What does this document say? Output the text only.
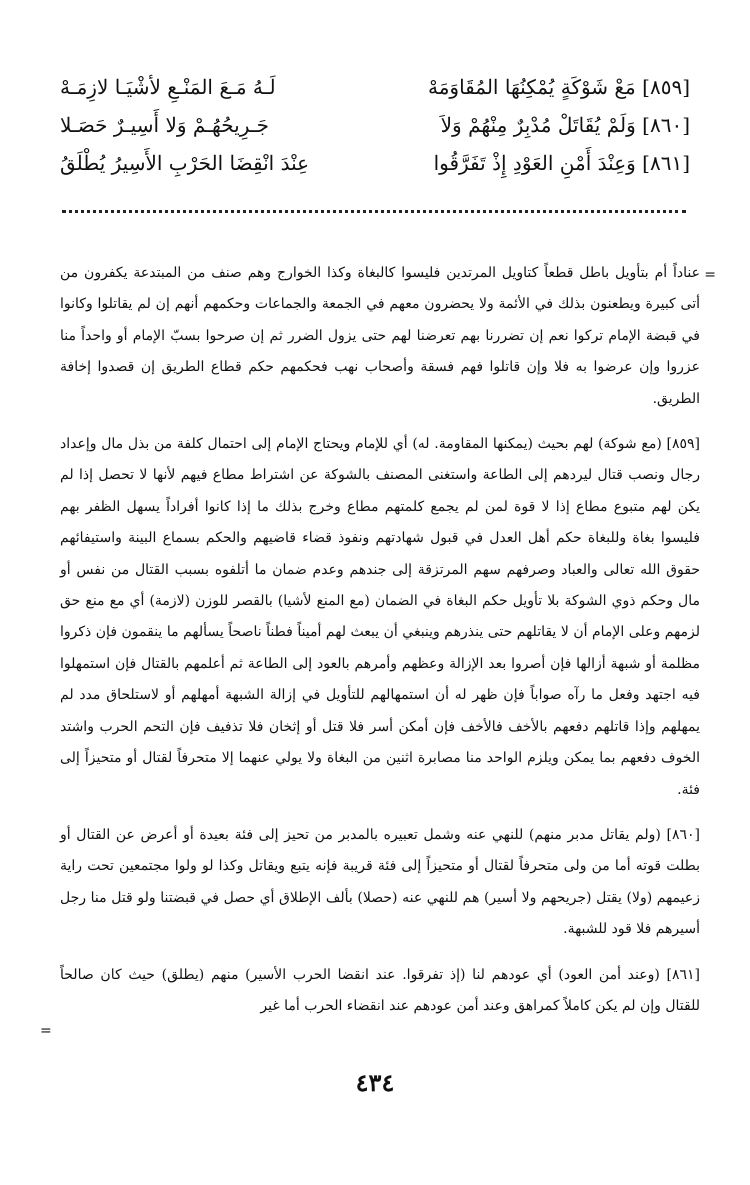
[٨٥٩] مَعْ شَوْكَةٍ يُمْكِنُهَا المُقَاوَمَهْ
لَـهُ مَـعَ المَنْـعِ لأشْيَـا لازِمَـهْ
[٨٦٠] وَلَمْ يُقَاتَلْ مُدْبِرٌ مِنْهُمْ وَلاَ
جَـرِيحُهُـمْ وَلا أَسِيـرٌ حَصَـلا
[٨٦١] وَعِنْدَ أَمْنِ العَوْدِ إِذْ تَفَرَّقُوا
عِنْدَ انْقِضَا الحَرْبِ الأَسِيرُ يُطْلَقُ
=

عناداً أم بتأويل باطل قطعاً كتاويل المرتدين فليسوا كالبغاة وكذا الخوارج وهم صنف من المبتدعة يكفرون من أتى كبيرة ويطعنون بذلك في الأئمة ولا يحضرون معهم في الجمعة والجماعات وحكمهم أنهم إن لم يقاتلوا وكانوا في قبضة الإمام تركوا نعم إن تضررنا بهم تعرضنا لهم حتى يزول الضرر ثم إن صرحوا بسبّ الإمام أو واحداً منا عزروا وإن عرضوا به فلا وإن قاتلوا فهم فسقة وأصحاب نهب فحكمهم حكم قطاع الطريق إن قصدوا إخافة الطريق.

[٨٥٩] (مع شوكة) لهم بحيث (يمكنها المقاومة. له) أي للإمام ويحتاج الإمام إلى احتمال كلفة من بذل مال وإعداد رجال ونصب قتال ليردهم إلى الطاعة واستغنى المصنف بالشوكة عن اشتراط مطاع فيهم لأنها لا تحصل إذا لم يكن لهم متبوع مطاع إذا لا قوة لمن لم يجمع كلمتهم مطاع وخرج بذلك ما إذا كانوا أفراداً يسهل الظفر بهم فليسوا بغاة وللبغاة حكم أهل العدل في قبول شهادتهم ونفوذ قضاء قاضيهم والحكم بسماع البينة واستيفائهم حقوق الله تعالى والعباد وصرفهم سهم المرتزقة إلى جندهم وعدم ضمان ما أتلفوه بسبب القتال من نفس أو مال وحكم ذوي الشوكة بلا تأويل حكم البغاة في الضمان (مع المنع لأشيا) بالقصر للوزن (لازمة) أي مع منع حق لزمهم وعلى الإمام أن لا يقاتلهم حتى ينذرهم وينبغي أن يبعث لهم أميناً فطناً ناصحاً يسألهم ما ينقمون فإن ذكروا مظلمة أو شبهة أزالها فإن أصروا بعد الإزالة وعظهم وأمرهم بالعود إلى الطاعة ثم أعلمهم بالقتال فإن استمهلوا فيه اجتهد وفعل ما رآه صواباً فإن ظهر له أن استمهالهم للتأويل في إزالة الشبهة أمهلهم أو لاستلحاق مدد لم يمهلهم وإذا قاتلهم دفعهم بالأخف فالأخف فإن أمكن أسر فلا قتل أو إثخان فلا تذفيف فإن التحم الحرب واشتد الخوف دفعهم بما يمكن ويلزم الواحد منا مصابرة اثنين من البغاة ولا يولي عنهما إلا متحرفاً لقتال أو متحيزاً إلى فئة.

[٨٦٠] (ولم يقاتل مدبر منهم) للنهي عنه وشمل تعبيره بالمدبر من تحيز إلى فئة بعيدة أو أعرض عن القتال أو بطلت قوته أما من ولى متحرفاً لقتال أو متحيزاً إلى فئة قريبة فإنه يتبع ويقاتل وكذا لو ولوا مجتمعين تحت راية زعيمهم (ولا) يقتل (جريحهم ولا أسير) هم للنهي عنه (حصلا) بألف الإطلاق أي حصل في قبضتنا ولو قتل منا رجل أسيرهم فلا قود للشبهة.

[٨٦١] (وعند أمن العود) أي عودهم لنا (إذ تفرقوا. عند انقضا الحرب الأسير) منهم (يطلق) حيث كان صالحاً للقتال وإن لم يكن كاملاً كمراهق وعند أمن عودهم عند انقضاء الحرب أما غير

=
٤٣٤
